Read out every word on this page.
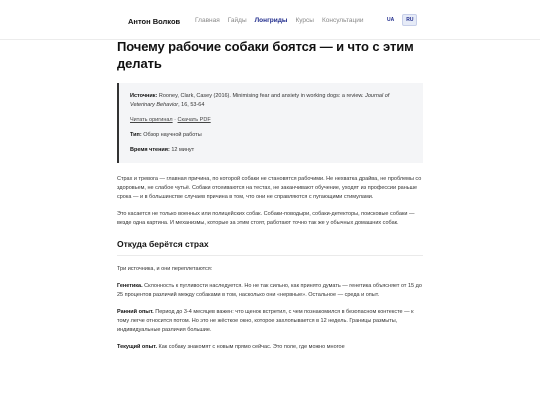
Антон Волков Главная Гайды Лонгриды Курсы Консультации	UA	RU
Почему рабочие собаки боятся — и что с этим делать

Источник: Rooney, Clark, Casey (2016). Minimising fear and anxiety in working dogs: a review. Journal of Veterinary Behavior, 16, 53-64

Читать оригинал · Скачать PDF

Тип: Обзор научной работы

Время чтения: 12 минут

Страх и тревога — главная причина, по которой собаки не становятся рабочими. Не нехватка драйва, не проблемы со здоровьем, не слабое чутьё. Собаки отсеиваются на тестах, не заканчивают обучение, уходят из профессии раньше срока — и в большинстве случаев причина в том, что они не справляются с пугающими стимулами.

Это касается не только военных или полицейских собак. Собаки-поводыри, собаки-детекторы, поисковые собаки — везде одна картина. И механизмы, которые за этим стоят, работают точно так же у обычных домашних собак.

Откуда берётся страх

Три источника, и они переплетаются:

Генетика. Склонность к пугливости наследуется. Но не так сильно, как принято думать — генетика объясняет от 15 до 25 процентов различий между собаками в том, насколько они «нервные». Остальное — среда и опыт.

Ранний опыт. Период до 3-4 месяцев важен: что щенок встретил, с чем познакомился в безопасном контексте — к тому легче относится потом. Но это не жёсткое окно, которое захлопывается в 12 недель. Границы размыты, индивидуальные различия большие.

Текущий опыт. Как собаку знакомят с новым прямо сейчас. Это поле, где можно многое
